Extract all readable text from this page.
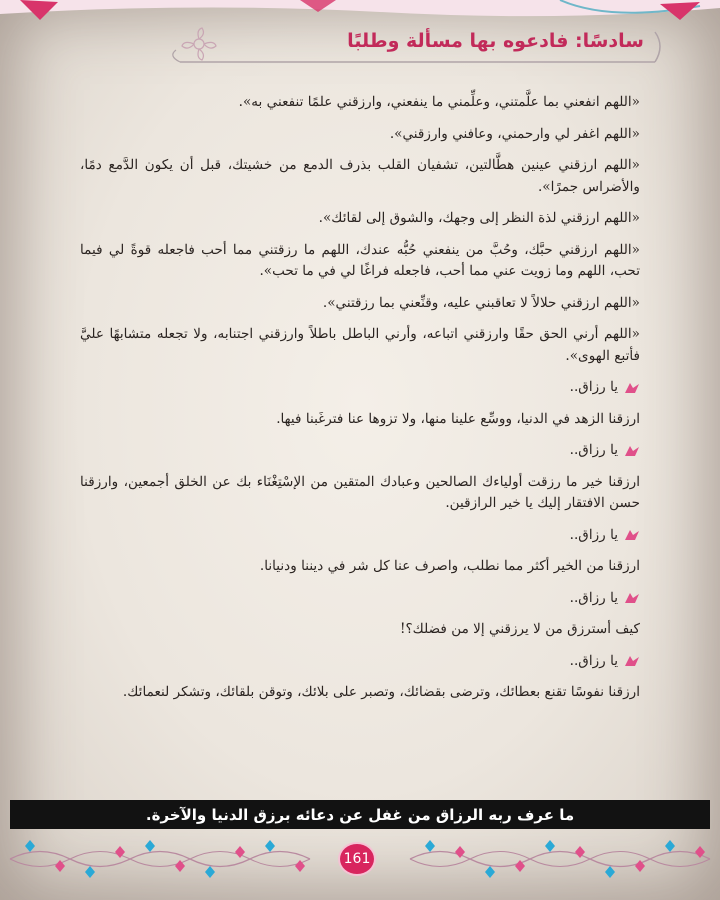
سادسًا: فادعوه بها مسألة وطلبًا

«اللهم انفعني بما علَّمتني، وعلِّمني ما ينفعني، وارزقني علمًا تنفعني به».

«اللهم اغفر لي وارحمني، وعافني وارزقني».

«اللهم ارزقني عينين هطَّالتين، تشفيان القلب بذرف الدمع من خشيتك، قبل أن يكون الدَّمع دمًا، والأضراس جمرًا».

«اللهم ارزقني لذة النظر إلى وجهك، والشوق إلى لقائك».

«اللهم ارزقني حبَّك، وحُبَّ من ينفعني حُبُّه عندك، اللهم ما رزقتني مما أحب فاجعله قوةً لي فيما تحب، اللهم وما زويت عني مما أحب، فاجعله فراغًا لي في ما تحب».

«اللهم ارزقني حلالاً لا تعاقبني عليه، وقنِّعني بما رزقتني».

«اللهم أرني الحق حقًا وارزقني اتباعه، وأرني الباطل باطلاً وارزقني اجتنابه، ولا تجعله متشابهًا عليَّ فأتبع الهوى».

يا رزاق..

ارزقنا الزهد في الدنيا، ووسِّع علينا منها، ولا تزوها عنا فترغَبنا فيها.

يا رزاق..

ارزقنا خير ما رزقت أولياءك الصالحين وعبادك المتقين من الإسْتِغْنَاء بك عن الخلق أجمعين، وارزقنا حسن الافتقار إليك يا خير الرازقين.

يا رزاق..

ارزقنا من الخير أكثر مما نطلب، واصرف عنا كل شر في ديننا ودنيانا.

يا رزاق..

كيف أسترزق من لا يرزقني إلا من فضلك؟!

يا رزاق..

ارزقنا نفوسًا تقنع بعطائك، وترضى بقضائك، وتصبر على بلائك، وتوقن بلقائك، وتشكر لنعمائك.

ما عرف ربه الرزاق من غفل عن دعائه برزق الدنيا والآخرة.
161
